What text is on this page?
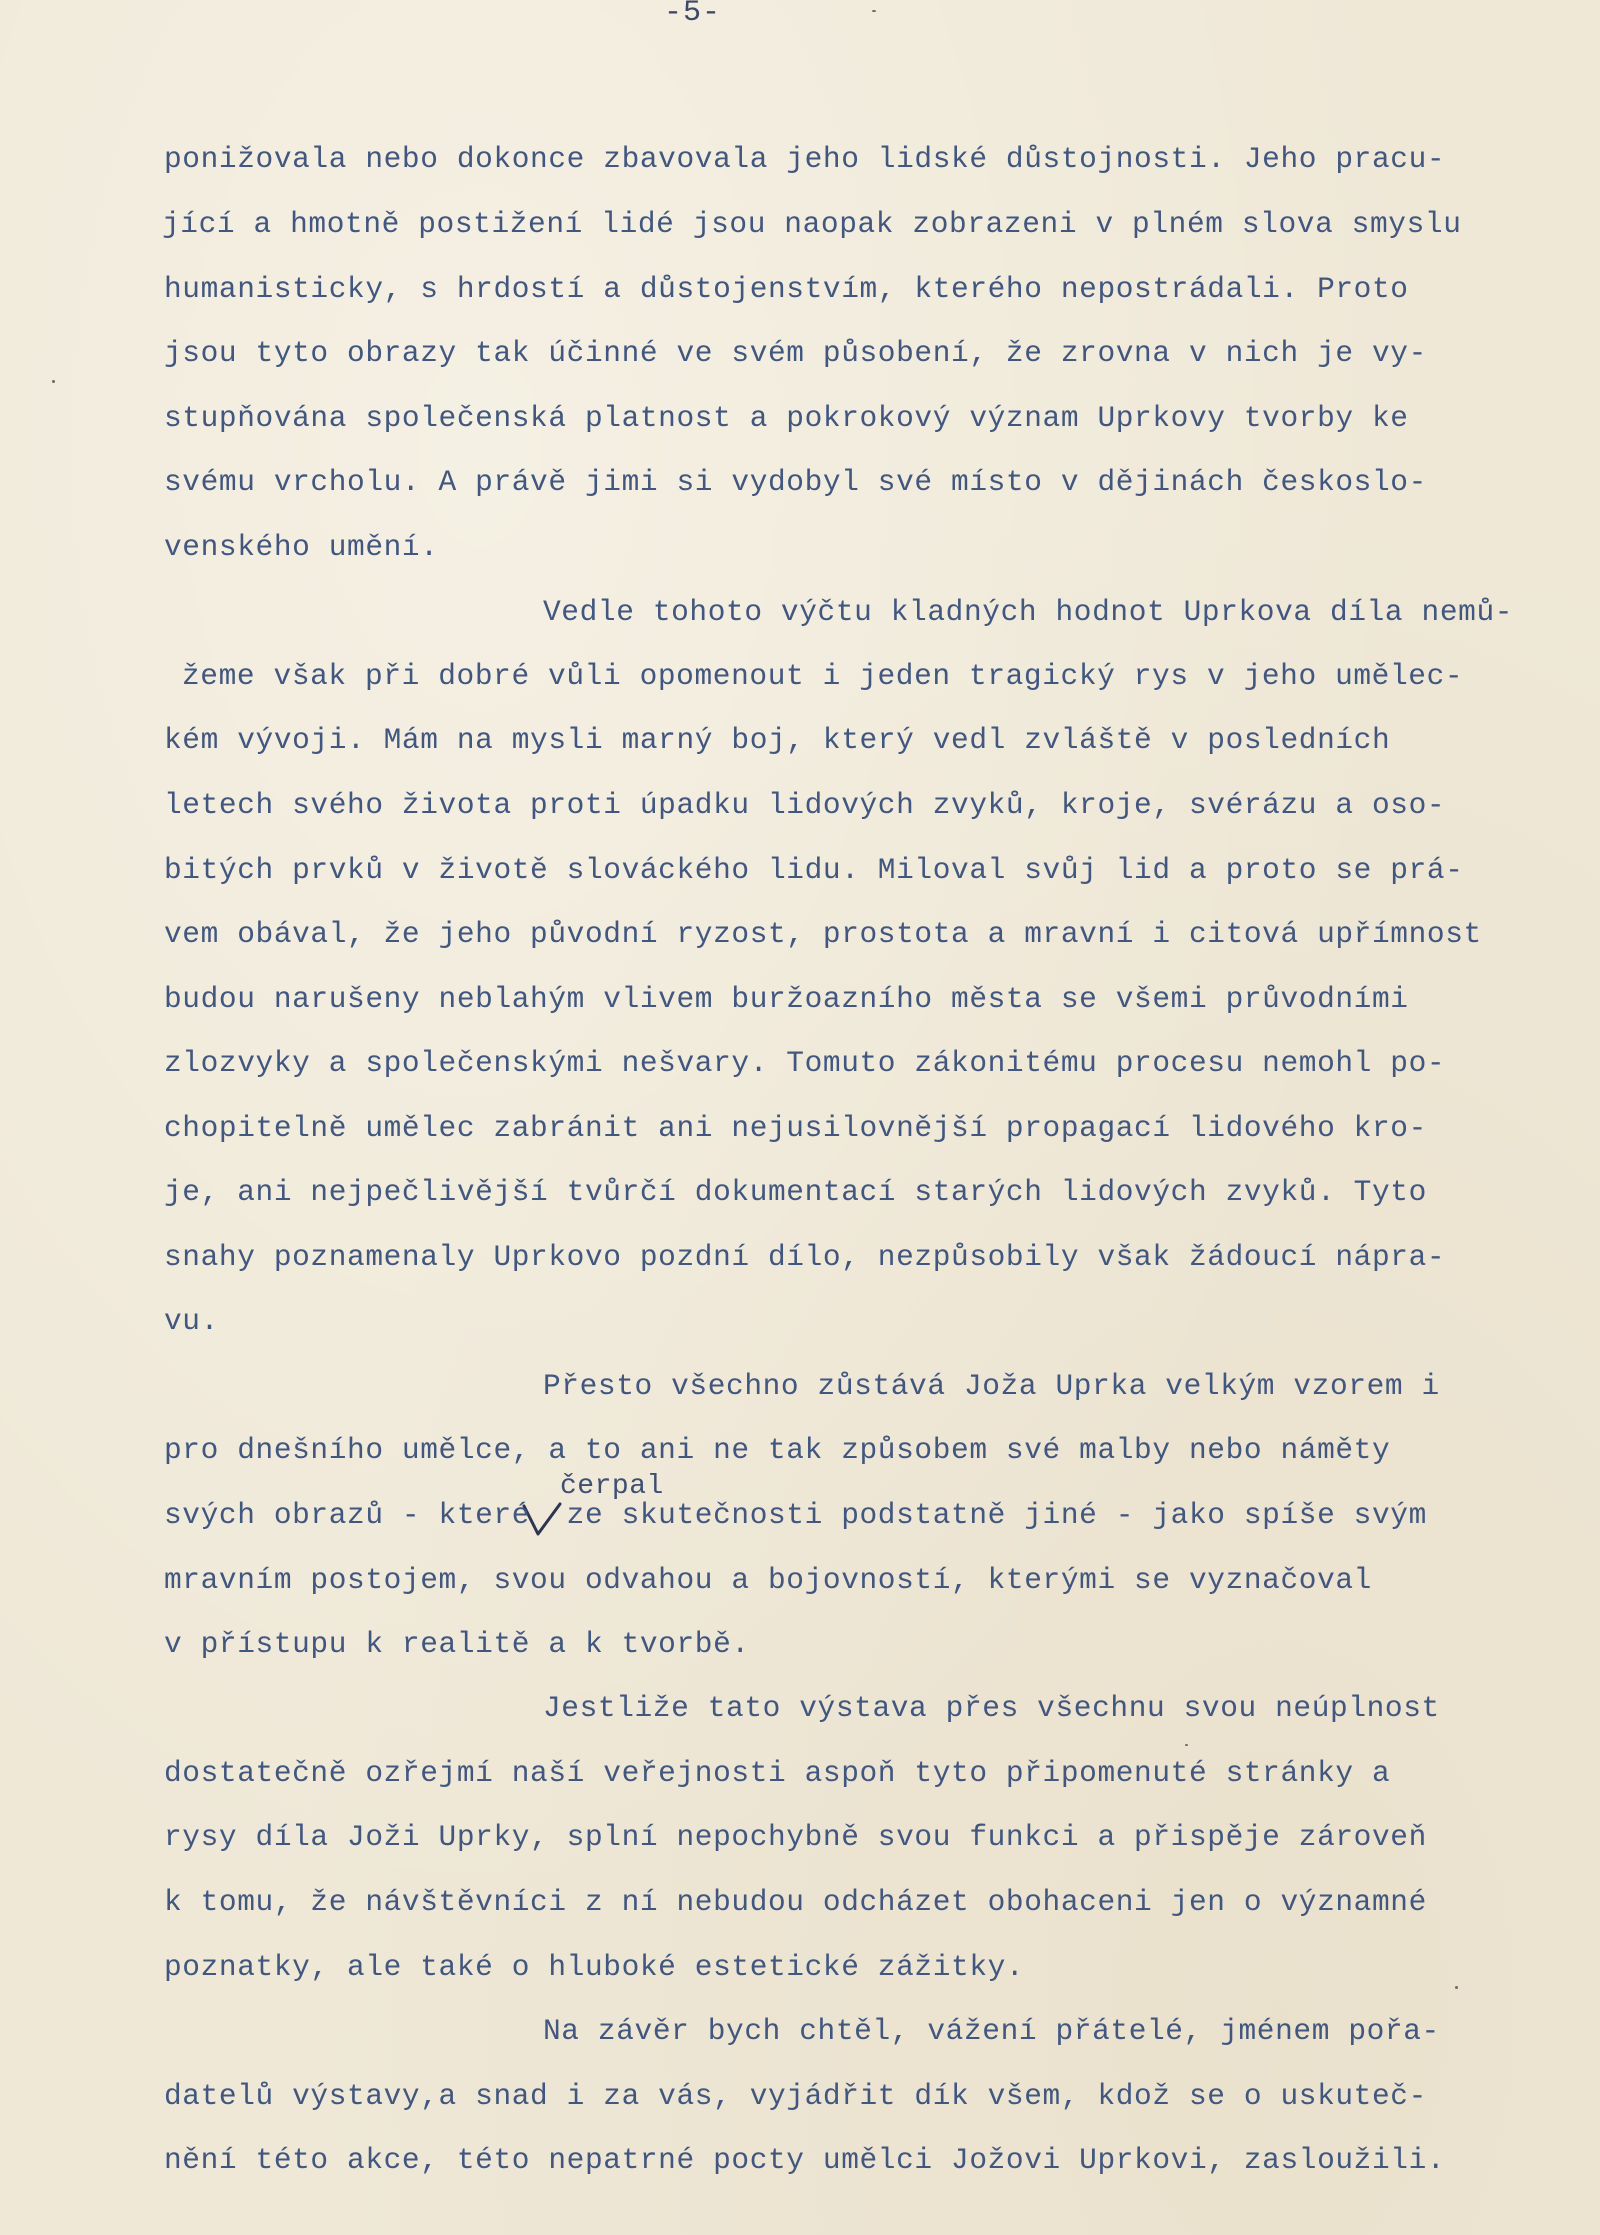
-5-
ponižovala nebo dokonce zbavovala jeho lidské důstojnosti. Jeho pracu-
jící a hmotně postižení lidé jsou naopak zobrazeni v plném slova smyslu
humanisticky, s hrdostí a důstojenstvím, kterého nepostrádali. Proto
jsou tyto obrazy tak účinné ve svém působení, že zrovna v nich je vy-
stupňována společenská platnost a pokrokový význam Uprkovy tvorby ke
svému vrcholu. A právě jimi si vydobyl své místo v dějinách českoslo-
venského umění.
Vedle tohoto výčtu kladných hodnot Uprkova díla nemů-
žeme však při dobré vůli opomenout i jeden tragický rys v jeho umělec-
kém vývoji. Mám na mysli marný boj, který vedl zvláště v posledních
letech svého života proti úpadku lidových zvyků, kroje, svérázu a oso-
bitých prvků v životě slováckého lidu. Miloval svůj lid a proto se prá-
vem obával, že jeho původní ryzost, prostota a mravní i citová upřímnost
budou narušeny neblahým vlivem buržoazního města se všemi průvodními
zlozvyky a společenskými nešvary. Tomuto zákonitému procesu nemohl po-
chopitelně umělec zabránit ani nejusilovnější propagací lidového kro-
je, ani nejpečlivější tvůrčí dokumentací starých lidových zvyků. Tyto
snahy poznamenaly Uprkovo pozdní dílo, nezpůsobily však žádoucí nápra-
vu.
Přesto všechno zůstává Joža Uprka velkým vzorem i
pro dnešního umělce, a to ani ne tak způsobem své malby nebo náměty
čerpal
svých obrazů - které  ze skutečnosti podstatně jiné - jako spíše svým
mravním postojem, svou odvahou a bojovností, kterými se vyznačoval
v přístupu k realitě a k tvorbě.
Jestliže tato výstava přes všechnu svou neúplnost
dostatečně ozřejmí naší veřejnosti aspoň tyto připomenuté stránky a
rysy díla Joži Uprky, splní nepochybně svou funkci a přispěje zároveň
k tomu, že návštěvníci z ní nebudou odcházet obohaceni jen o významné
poznatky, ale také o hluboké estetické zážitky.
Na závěr bych chtěl, vážení přátelé, jménem pořa-
datelů výstavy,a snad i za vás, vyjádřit dík všem, kdož se o uskuteč-
nění této akce, této nepatrné pocty umělci Jožovi Uprkovi, zasloužili.
